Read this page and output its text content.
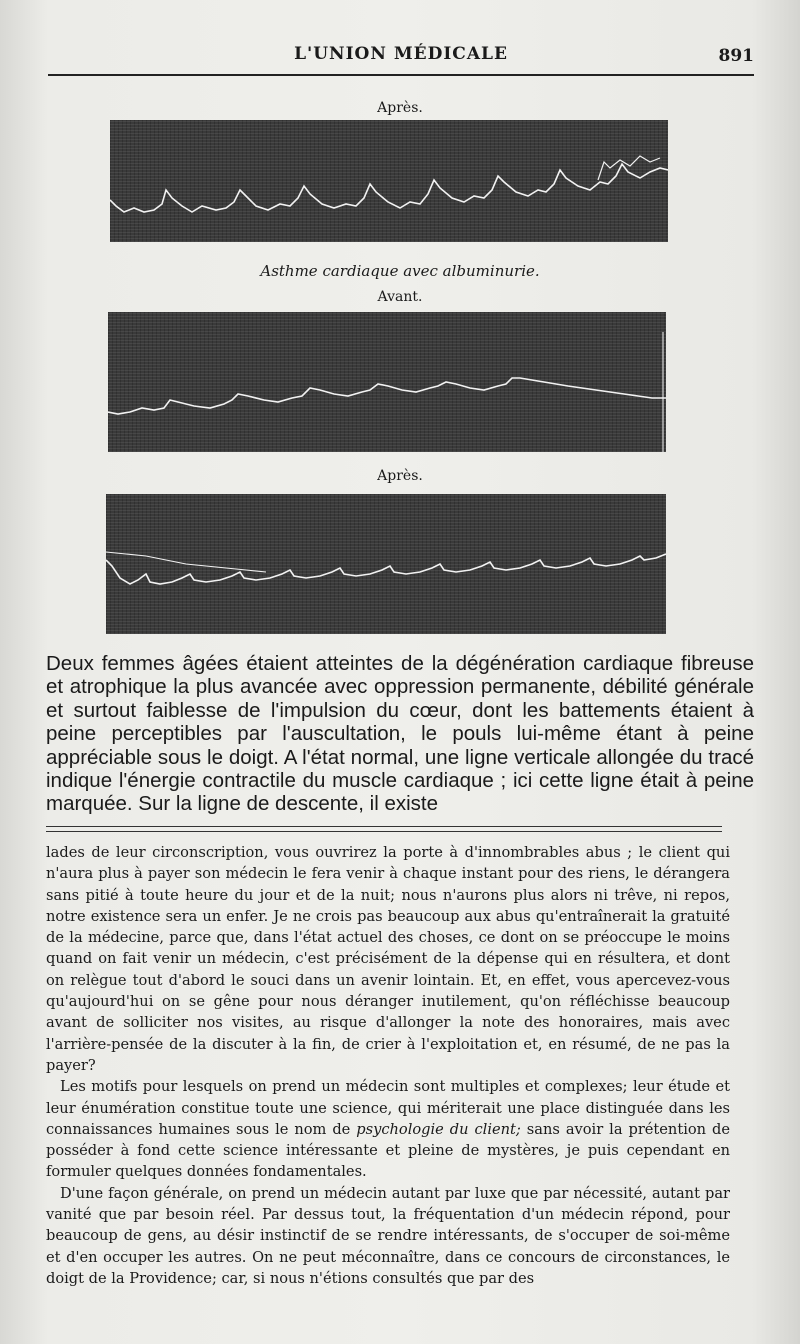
L'UNION MÉDICALE	891
Après.
Asthme cardiaque avec albuminurie.
Avant.
Après.

Deux femmes âgées étaient atteintes de la dégénération cardiaque fibreuse et atrophique la plus avancée avec oppression permanente, débilité générale et surtout faiblesse de l'impulsion du cœur, dont les battements étaient à peine perceptibles par l'auscultation, le pouls lui-même étant à peine appréciable sous le doigt. A l'état normal, une ligne verticale allongée du tracé indique l'énergie contractile du muscle cardiaque ; ici cette ligne était à peine marquée. Sur la ligne de descente, il existe

lades de leur circonscription, vous ouvrirez la porte à d'innombrables abus ; le client qui n'aura plus à payer son médecin le fera venir à chaque instant pour des riens, le dérangera sans pitié à toute heure du jour et de la nuit; nous n'aurons plus alors ni trêve, ni repos, notre existence sera un enfer. Je ne crois pas beaucoup aux abus qu'entraînerait la gratuité de la médecine, parce que, dans l'état actuel des choses, ce dont on se préoccupe le moins quand on fait venir un médecin, c'est précisément de la dépense qui en résultera, et dont on relègue tout d'abord le souci dans un avenir lointain. Et, en effet, vous apercevez-vous qu'aujourd'hui on se gêne pour nous déranger inutilement, qu'on réfléchisse beaucoup avant de solliciter nos visites, au risque d'allonger la note des honoraires, mais avec l'arrière-pensée de la discuter à la fin, de crier à l'exploitation et, en résumé, de ne pas la payer?

Les motifs pour lesquels on prend un médecin sont multiples et complexes; leur étude et leur énumération constitue toute une science, qui mériterait une place distinguée dans les connaissances humaines sous le nom de psychologie du client; sans avoir la prétention de posséder à fond cette science intéressante et pleine de mystères, je puis cependant en formuler quelques données fondamentales.

D'une façon générale, on prend un médecin autant par luxe que par nécessité, autant par vanité que par besoin réel. Par dessus tout, la fréquentation d'un médecin répond, pour beaucoup de gens, au désir instinctif de se rendre intéressants, de s'occuper de soi-même et d'en occuper les autres. On ne peut méconnaître, dans ce concours de circonstances, le doigt de la Providence; car, si nous n'étions consultés que par des
